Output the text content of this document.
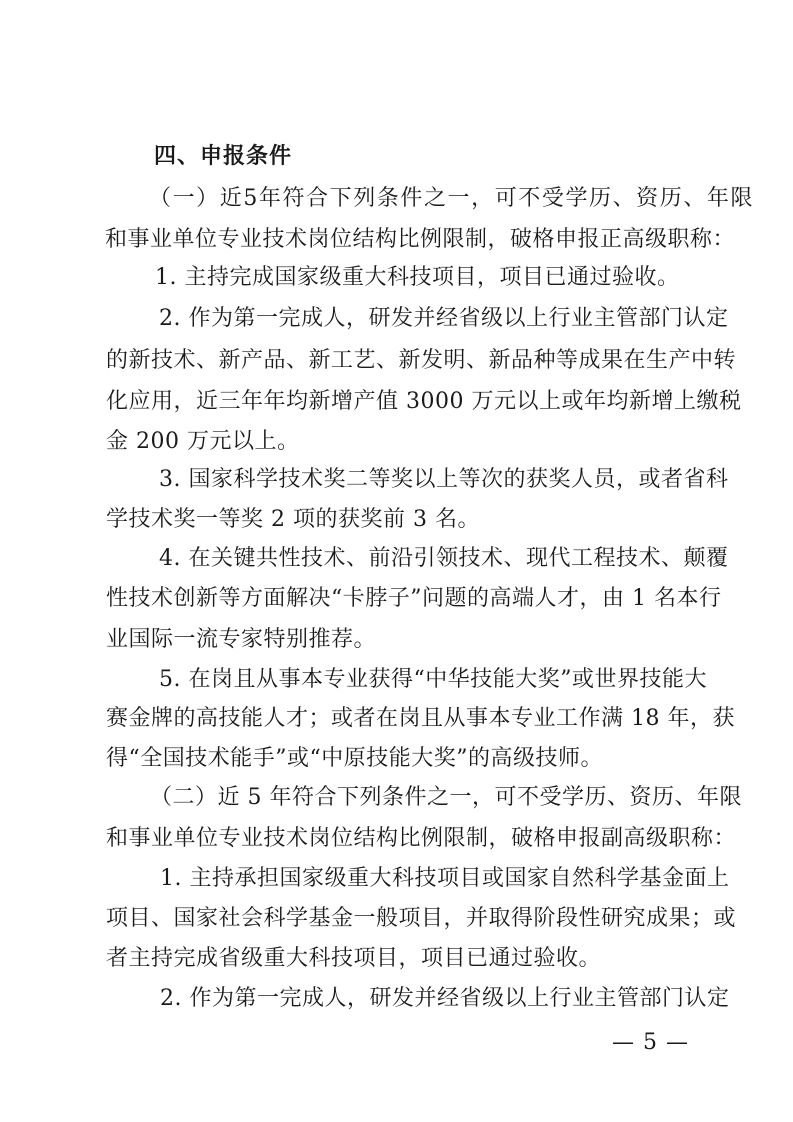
四、申报条件

（一）近5年符合下列条件之一，可不受学历、资历、年限

和事业单位专业技术岗位结构比例限制，破格申报正高级职称：

1. 主持完成国家级重大科技项目，项目已通过验收。

2. 作为第一完成人，研发并经省级以上行业主管部门认定

的新技术、新产品、新工艺、新发明、新品种等成果在生产中转

化应用，近三年年均新增产值 3000 万元以上或年均新增上缴税

金 200 万元以上。

3. 国家科学技术奖二等奖以上等次的获奖人员，或者省科

学技术奖一等奖 2 项的获奖前 3 名。

4. 在关键共性技术、前沿引领技术、现代工程技术、颠覆

性技术创新等方面解决“卡脖子”问题的高端人才，由 1 名本行

业国际一流专家特别推荐。

5. 在岗且从事本专业获得“中华技能大奖”或世界技能大

赛金牌的高技能人才；或者在岗且从事本专业工作满 18 年，获

得“全国技术能手”或“中原技能大奖”的高级技师。

（二）近 5 年符合下列条件之一，可不受学历、资历、年限

和事业单位专业技术岗位结构比例限制，破格申报副高级职称：

1. 主持承担国家级重大科技项目或国家自然科学基金面上

项目、国家社会科学基金一般项目，并取得阶段性研究成果；或

者主持完成省级重大科技项目，项目已通过验收。

2. 作为第一完成人，研发并经省级以上行业主管部门认定

— 5 —
